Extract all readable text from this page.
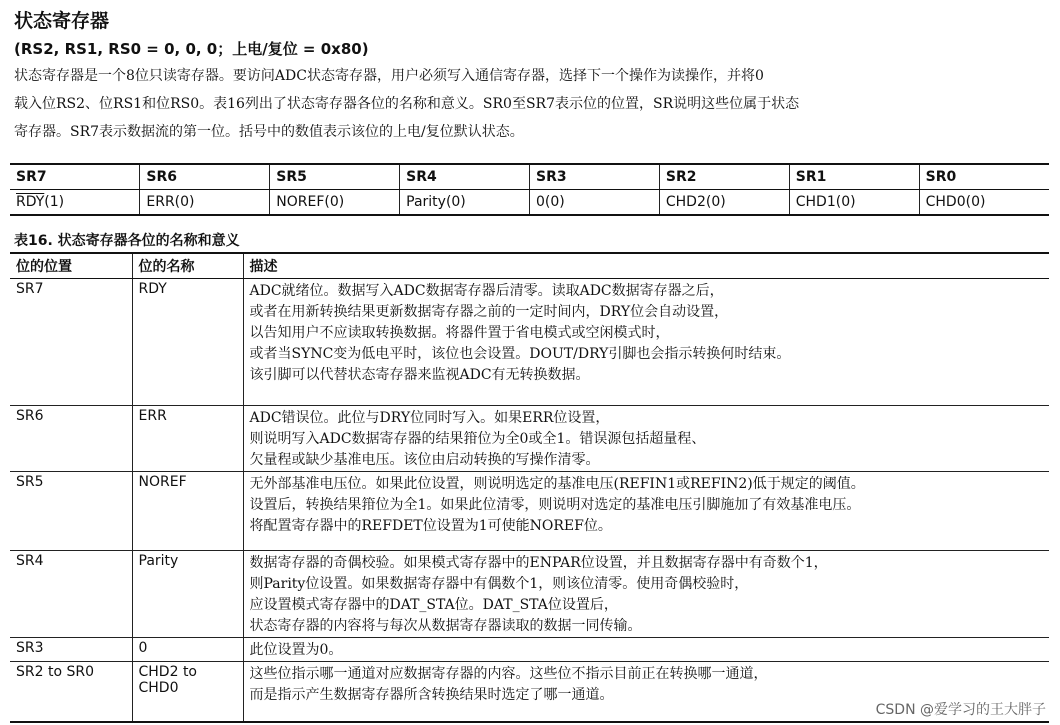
状态寄存器
(RS2, RS1, RS0 = 0, 0, 0；上电/复位 = 0x80)
状态寄存器是一个8位只读寄存器。要访问ADC状态寄存器，用户必须写入通信寄存器，选择下一个操作为读操作，并将0
载入位RS2、位RS1和位RS0。表16列出了状态寄存器各位的名称和意义。SR0至SR7表示位的位置，SR说明这些位属于状态
寄存器。SR7表示数据流的第一位。括号中的数值表示该位的上电/复位默认状态。
SR7	SR6	SR5	SR4	SR3	SR2	SR1	SR0
$\overline{RDY}(1)$	ERR(0)	NOREF(0)	Parity(0)	0(0)	CHD2(0)	CHD1(0)	CHD0(0)
表16. 状态寄存器各位的名称和意义
位的位置	位的名称	描述
SR7	RDY	ADC就绪位。数据写入ADC数据寄存器后清零。读取ADC数据寄存器之后，
或者在用新转换结果更新数据寄存器之前的一定时间内，DRY位会自动设置，
以告知用户不应读取转换数据。将器件置于省电模式或空闲模式时，
或者当SYNC变为低电平时，该位也会设置。DOUT/DRY引脚也会指示转换何时结束。
该引脚可以代替状态寄存器来监视ADC有无转换数据。

SR6	ERR	ADC错误位。此位与DRY位同时写入。如果ERR位设置，
则说明写入ADC数据寄存器的结果箝位为全0或全1。错误源包括超量程、
欠量程或缺少基准电压。该位由启动转换的写操作清零。

SR5	NOREF	无外部基准电压位。如果此位设置，则说明选定的基准电压(REFIN1或REFIN2)低于规定的阈值。
设置后，转换结果箝位为全1。如果此位清零，则说明对选定的基准电压引脚施加了有效基准电压。
将配置寄存器中的REFDET位设置为1可使能NOREF位。

SR4	Parity	数据寄存器的奇偶校验。如果模式寄存器中的ENPAR位设置，并且数据寄存器中有奇数个1，
则Parity位设置。如果数据寄存器中有偶数个1，则该位清零。使用奇偶校验时，
应设置模式寄存器中的DAT_STA位。DAT_STA位设置后，
状态寄存器的内容将与每次从数据寄存器读取的数据一同传输。

SR3	0	此位设置为0。

SR2 to SR0	CHD2 to CHD0	这些位指示哪一通道对应数据寄存器的内容。这些位不指示目前正在转换哪一通道，
而是指示产生数据寄存器所含转换结果时选定了哪一通道。
CSDN @爱学习的王大胖子
